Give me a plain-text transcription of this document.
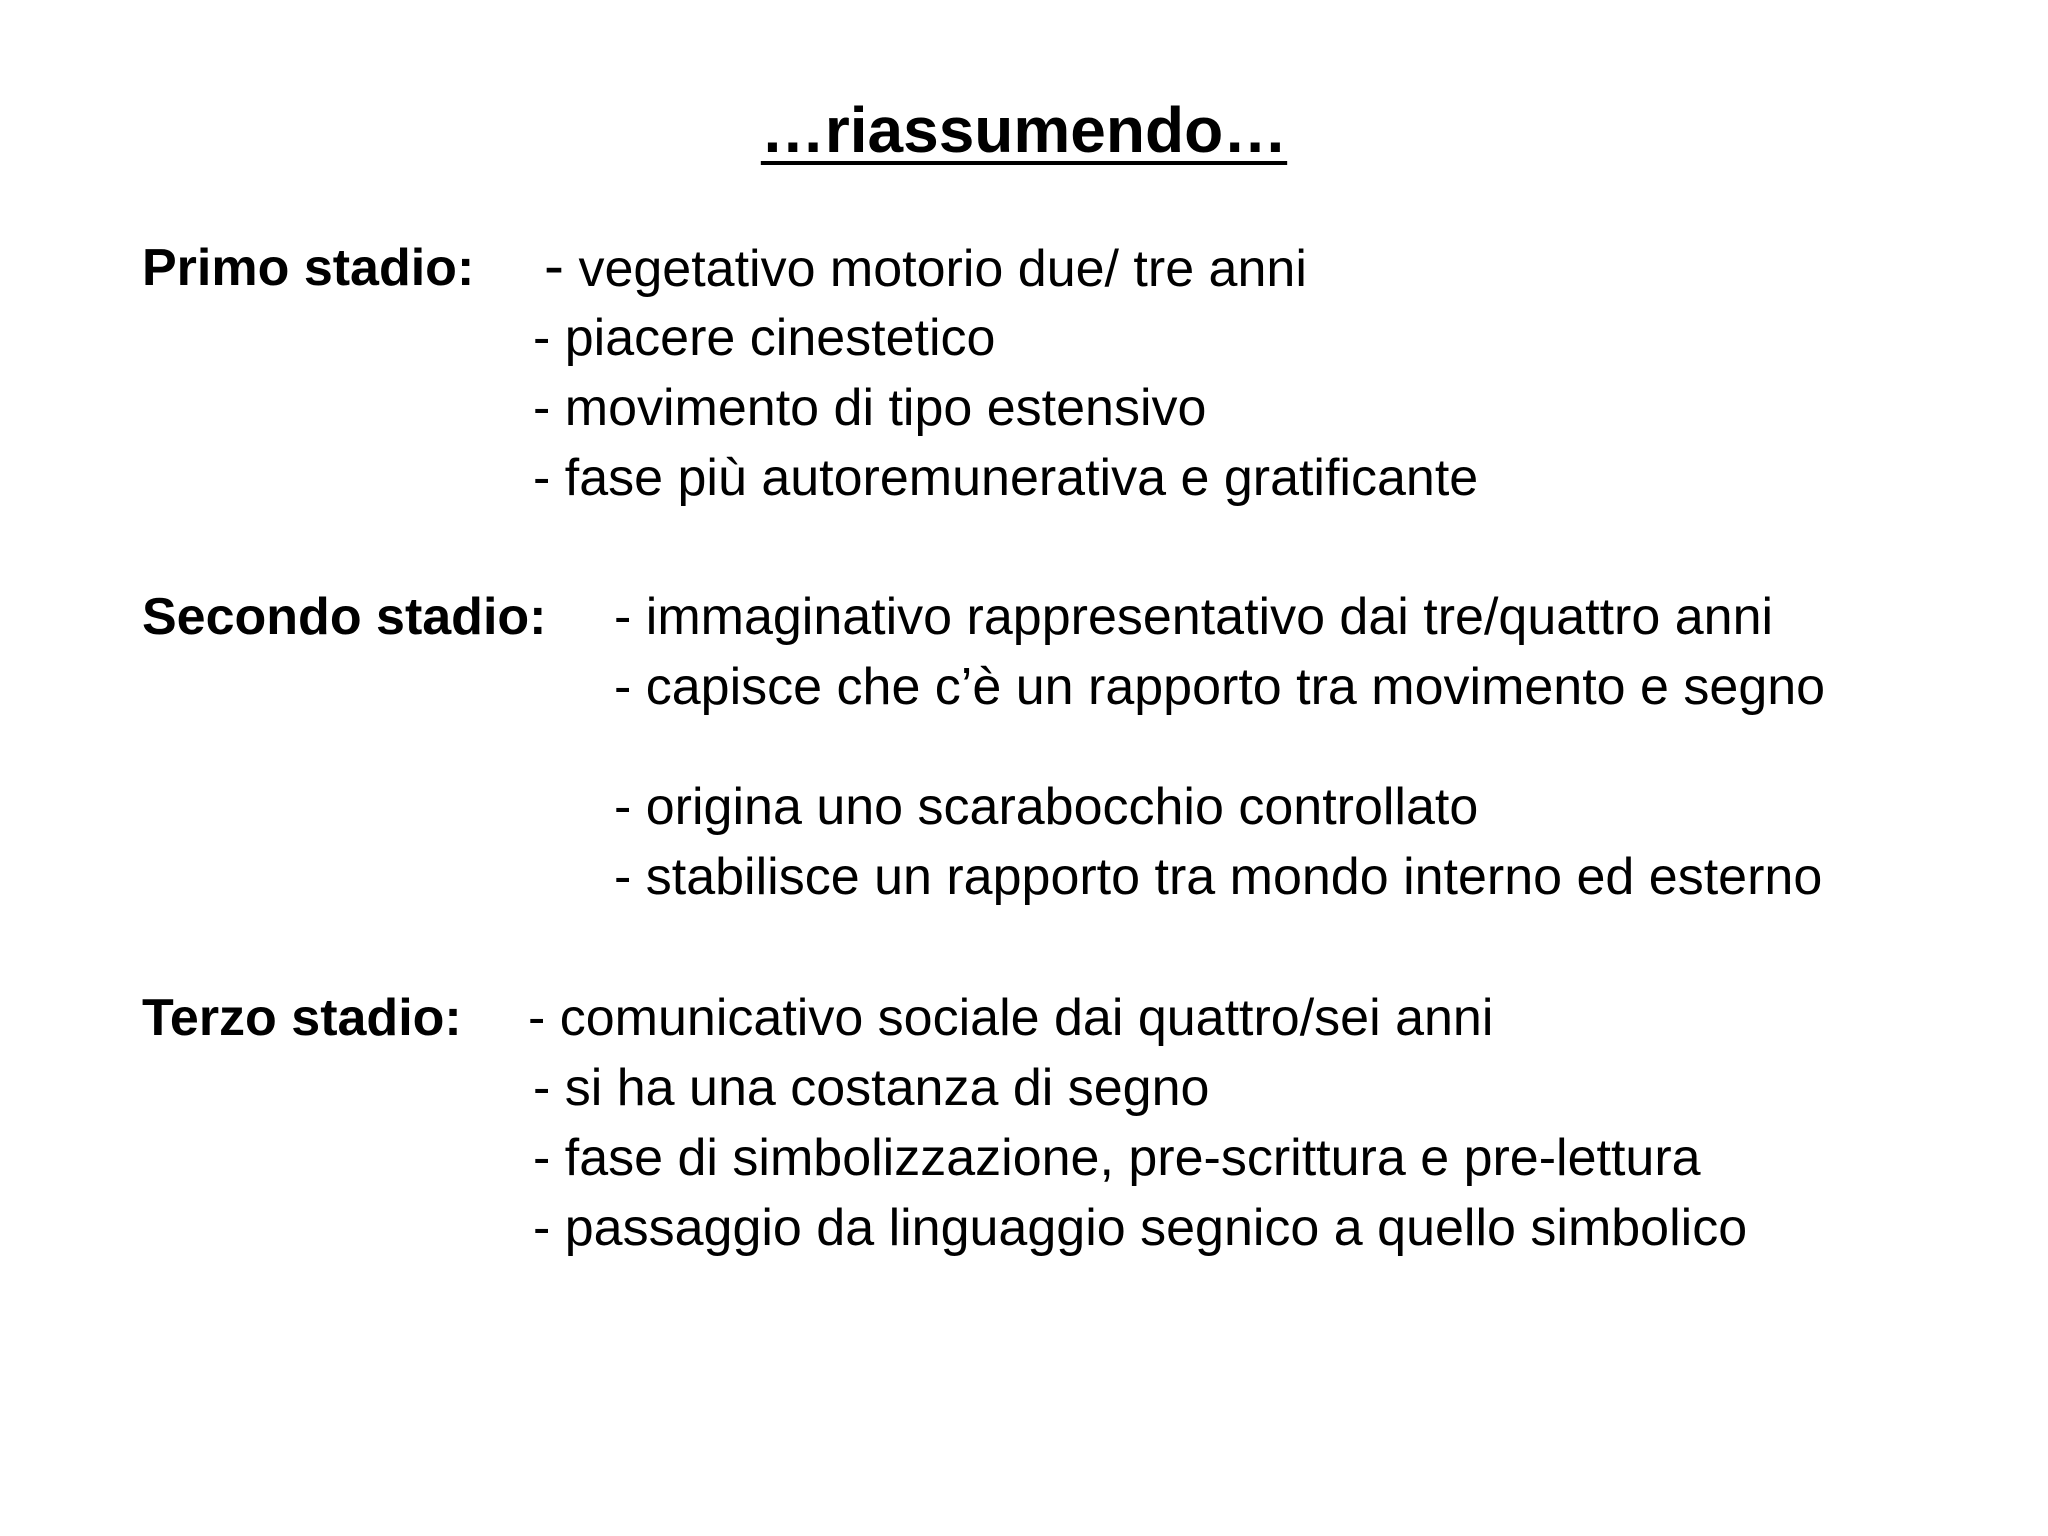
…riassumendo…
Primo stadio: - vegetativo motorio due/ tre anni
- piacere cinestetico
- movimento di tipo estensivo
- fase più autoremunerativa e gratificante
Secondo stadio: - immaginativo rappresentativo dai tre/quattro anni
- capisce che c’è un rapporto tra movimento e segno
- origina uno scarabocchio controllato
- stabilisce un rapporto tra mondo interno ed esterno
Terzo stadio: - comunicativo sociale dai quattro/sei anni
- si ha una costanza di segno
- fase di simbolizzazione, pre-scrittura e pre-lettura
- passaggio da linguaggio segnico a quello simbolico
